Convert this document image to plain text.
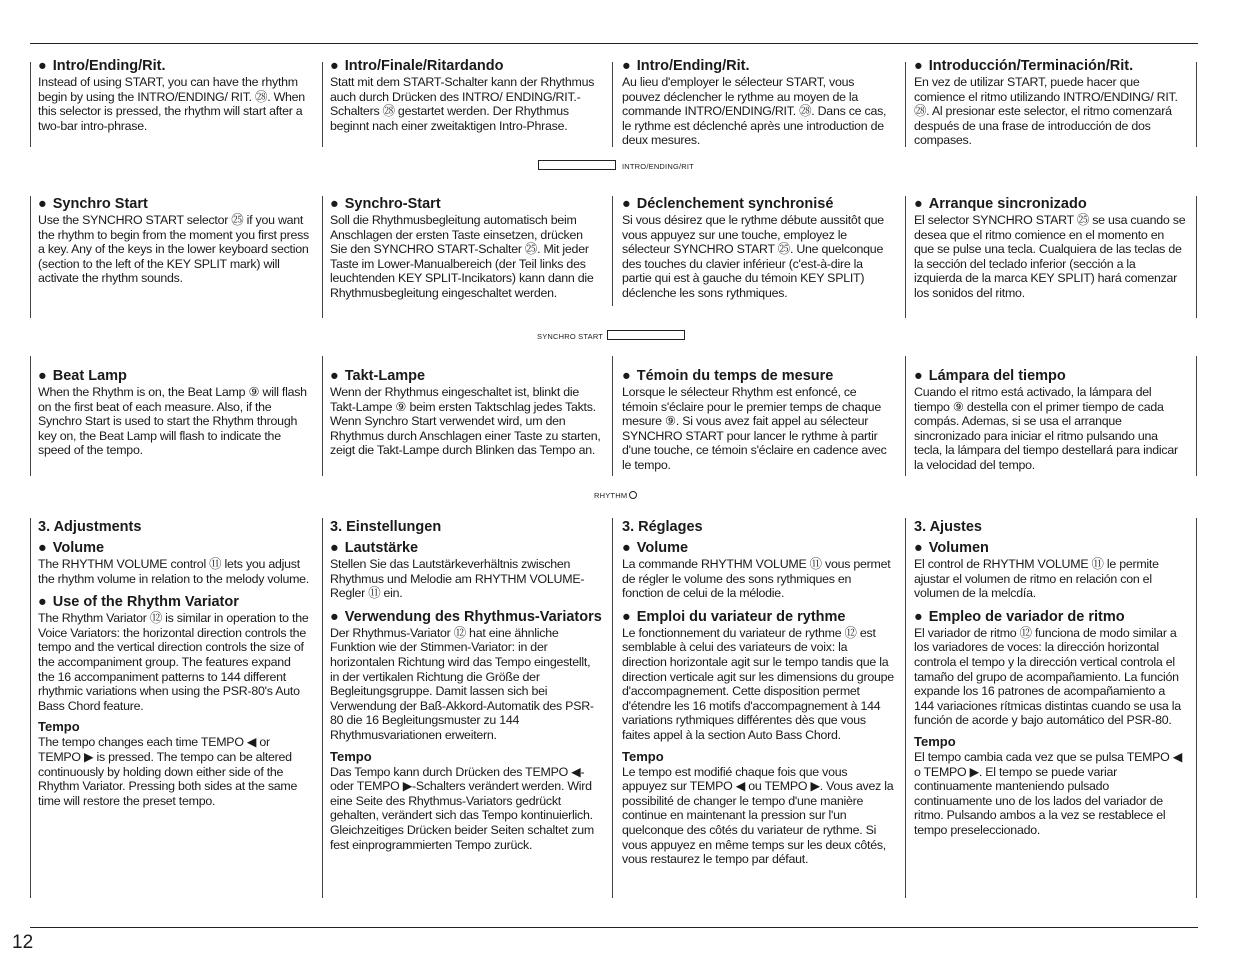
12
INTRO/ENDING/RIT
SYNCHRO START
RHYTHM

● Intro/Ending/Rit.

Instead of using START, you can have the rhythm begin by using the INTRO/ENDING/ RIT. ㉘. When this selector is pressed, the rhythm will start after a two-bar intro-phrase.

● Intro/Finale/Ritardando

Statt mit dem START-Schalter kann der Rhythmus auch durch Drücken des INTRO/ ENDING/RIT.-Schalters ㉘ gestartet werden. Der Rhythmus beginnt nach einer zweitaktigen Intro-Phrase.

● Intro/Ending/Rit.

Au lieu d'employer le sélecteur START, vous pouvez déclencher le rythme au moyen de la commande INTRO/ENDING/RIT. ㉘. Dans ce cas, le rythme est déclenché après une introduction de deux mesures.

● Introducción/Terminación/Rit.

En vez de utilizar START, puede hacer que comience el ritmo utilizando INTRO/ENDING/ RIT. ㉘. Al presionar este selector, el ritmo comenzará después de una frase de introducción de dos compases.

● Synchro Start

Use the SYNCHRO START selector ㉕ if you want the rhythm to begin from the moment you first press a key. Any of the keys in the lower keyboard section (section to the left of the KEY SPLIT mark) will activate the rhythm sounds.

● Synchro-Start

Soll die Rhythmusbegleitung automatisch beim Anschlagen der ersten Taste einsetzen, drücken Sie den SYNCHRO START-Schalter ㉕. Mit jeder Taste im Lower-Manualbereich (der Teil links des leuchtenden KEY SPLIT-Incikators) kann dann die Rhythmusbegleitung eingeschaltet werden.

● Déclenchement synchronisé

Si vous désirez que le rythme débute aussitôt que vous appuyez sur une touche, employez le sélecteur SYNCHRO START ㉕. Une quelconque des touches du clavier inférieur (c'est-à-dire la partie qui est à gauche du témoin KEY SPLIT) déclenche les sons rythmiques.

● Arranque sincronizado

El selector SYNCHRO START ㉕ se usa cuando se desea que el ritmo comience en el momento en que se pulse una tecla. Cualquiera de las teclas de la sección del teclado inferior (sección a la izquierda de la marca KEY SPLIT) hará comenzar los sonidos del ritmo.

● Beat Lamp

When the Rhythm is on, the Beat Lamp ⑨ will flash on the first beat of each measure. Also, if the Synchro Start is used to start the Rhythm through key on, the Beat Lamp will flash to indicate the speed of the tempo.

● Takt-Lampe

Wenn der Rhythmus eingeschaltet ist, blinkt die Takt-Lampe ⑨ beim ersten Taktschlag jedes Takts. Wenn Synchro Start verwendet wird, um den Rhythmus durch Anschlagen einer Taste zu starten, zeigt die Takt-Lampe durch Blinken das Tempo an.

● Témoin du temps de mesure

Lorsque le sélecteur Rhythm est enfoncé, ce témoin s'éclaire pour le premier temps de chaque mesure ⑨. Si vous avez fait appel au sélecteur SYNCHRO START pour lancer le rythme à partir d'une touche, ce témoin s'éclaire en cadence avec le tempo.

● Lámpara del tiempo

Cuando el ritmo está activado, la lámpara del tiempo ⑨ destella con el primer tiempo de cada compás. Ademas, si se usa el arranque sincronizado para iniciar el ritmo pulsando una tecla, la lámpara del tiempo destellará para indicar la velocidad del tempo.

3. Adjustments

● Volume

The RHYTHM VOLUME control ⑪ lets you adjust the rhythm volume in relation to the melody volume.

● Use of the Rhythm Variator

The Rhythm Variator ⑫ is similar in operation to the Voice Variators: the horizontal direction controls the tempo and the vertical direction controls the size of the accompaniment group. The features expand the 16 accompaniment patterns to 144 different rhythmic variations when using the PSR-80's Auto Bass Chord feature.

Tempo

The tempo changes each time TEMPO ◀ or TEMPO ▶ is pressed. The tempo can be altered continuously by holding down either side of the Rhythm Variator. Pressing both sides at the same time will restore the preset tempo.

3. Einstellungen

● Lautstärke

Stellen Sie das Lautstärkeverhältnis zwischen Rhythmus und Melodie am RHYTHM VOLUME-Regler ⑪ ein.

● Verwendung des Rhythmus-Variators

Der Rhythmus-Variator ⑫ hat eine ähnliche Funktion wie der Stimmen-Variator: in der horizontalen Richtung wird das Tempo eingestellt, in der vertikalen Richtung die Größe der Begleitungsgruppe. Damit lassen sich bei Verwendung der Baß-Akkord-Automatik des PSR-80 die 16 Begleitungsmuster zu 144 Rhythmusvariationen erweitern.

Tempo

Das Tempo kann durch Drücken des TEMPO ◀- oder TEMPO ▶-Schalters verändert werden. Wird eine Seite des Rhythmus-Variators gedrückt gehalten, verändert sich das Tempo kontinuierlich. Gleichzeitiges Drücken beider Seiten schaltet zum fest einprogrammierten Tempo zurück.

3. Réglages

● Volume

La commande RHYTHM VOLUME ⑪ vous permet de régler le volume des sons rythmiques en fonction de celui de la mélodie.

● Emploi du variateur de rythme

Le fonctionnement du variateur de rythme ⑫ est semblable à celui des variateurs de voix: la direction horizontale agit sur le tempo tandis que la direction verticale agit sur les dimensions du groupe d'accompagnement. Cette disposition permet d'étendre les 16 motifs d'accompagnement à 144 variations rythmiques différentes dès que vous faites appel à la section Auto Bass Chord.

Tempo

Le tempo est modifié chaque fois que vous appuyez sur TEMPO ◀ ou TEMPO ▶. Vous avez la possibilité de changer le tempo d'une manière continue en maintenant la pression sur l'un quelconque des côtés du variateur de rythme. Si vous appuyez en même temps sur les deux côtés, vous restaurez le tempo par défaut.

3. Ajustes

● Volumen

El control de RHYTHM VOLUME ⑪ le permite ajustar el volumen de ritmo en relación con el volumen de la melcdía.

● Empleo de variador de ritmo

El variador de ritmo ⑫ funciona de modo similar a los variadores de voces: la dirección horizontal controla el tempo y la dirección vertical controla el tamaño del grupo de acompañamiento. La función expande los 16 patrones de acompañamiento a 144 variaciones rítmicas distintas cuando se usa la función de acorde y bajo automático del PSR-80.

Tempo

El tempo cambia cada vez que se pulsa TEMPO ◀ o TEMPO ▶. El tempo se puede variar continuamente manteniendo pulsado continuamente uno de los lados del variador de ritmo. Pulsando ambos a la vez se restablece el tempo preseleccionado.
